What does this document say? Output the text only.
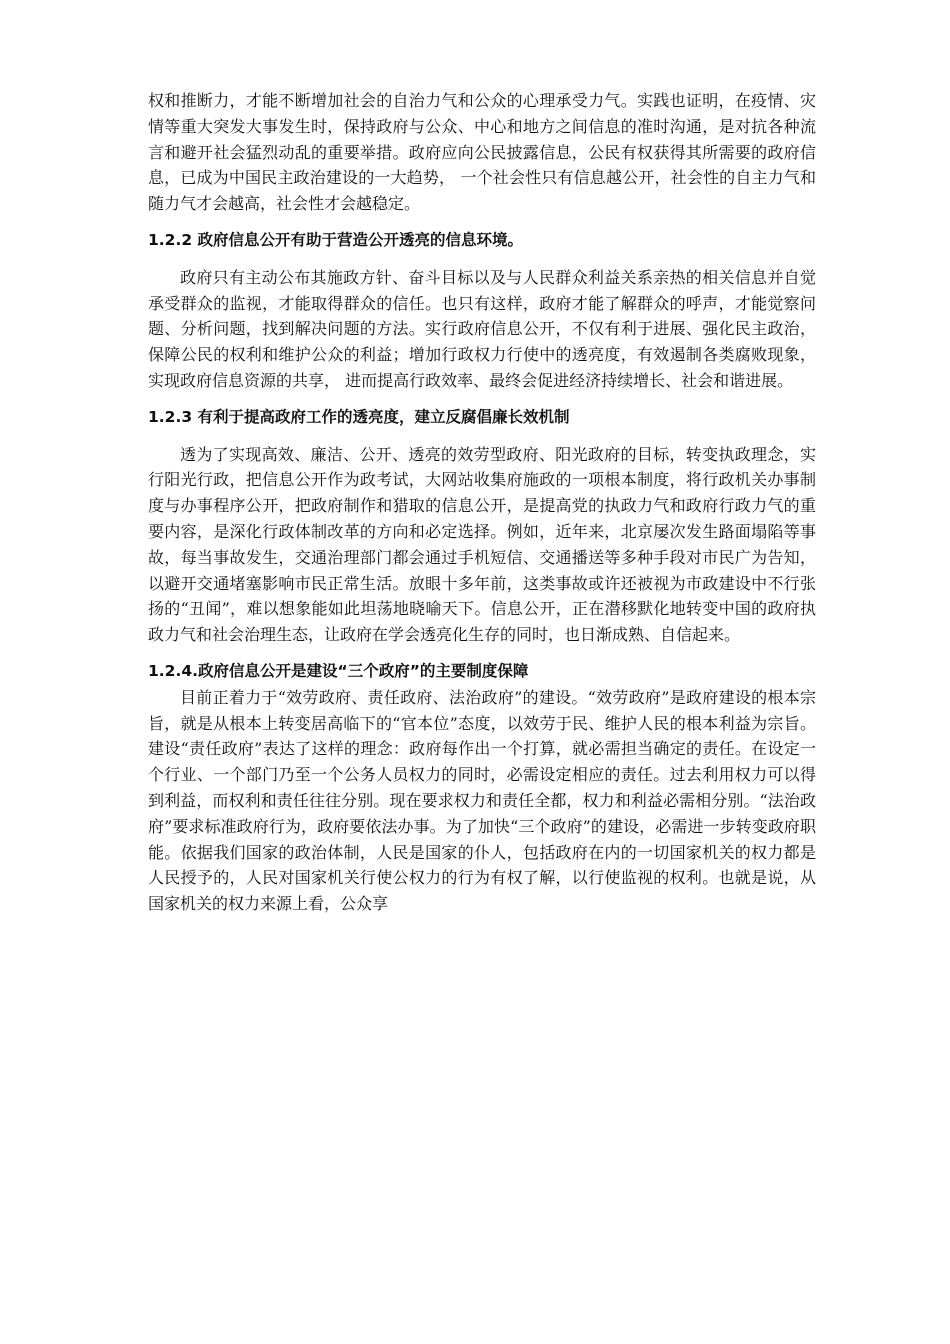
权和推断力，才能不断增加社会的自治力气和公众的心理承受力气。实践也证明，在疫情、灾情等重大突发大事发生时，保持政府与公众、中心和地方之间信息的准时沟通，是对抗各种流言和避开社会猛烈动乱的重要举措。政府应向公民披露信息，公民有权获得其所需要的政府信息，已成为中国民主政治建设的一大趋势， 一个社会性只有信息越公开，社会性的自主力气和随力气才会越高，社会性才会越稳定。

1.2.2 政府信息公开有助于营造公开透亮的信息环境。

政府只有主动公布其施政方针、奋斗目标以及与人民群众利益关系亲热的相关信息并自觉承受群众的监视，才能取得群众的信任。也只有这样，政府才能了解群众的呼声，才能觉察问题、分析问题，找到解决问题的方法。实行政府信息公开，不仅有利于进展、强化民主政治，保障公民的权利和维护公众的利益；增加行政权力行使中的透亮度，有效遏制各类腐败现象，实现政府信息资源的共享， 进而提高行政效率、最终会促进经济持续增长、社会和谐进展。

1.2.3 有利于提高政府工作的透亮度，建立反腐倡廉长效机制

透为了实现高效、廉洁、公开、透亮的效劳型政府、阳光政府的目标，转变执政理念，实行阳光行政，把信息公开作为政考试，大网站收集府施政的一项根本制度，将行政机关办事制度与办事程序公开，把政府制作和猎取的信息公开，是提高党的执政力气和政府行政力气的重要内容，是深化行政体制改革的方向和必定选择。例如，近年来，北京屡次发生路面塌陷等事故，每当事故发生，交通治理部门都会通过手机短信、交通播送等多种手段对市民广为告知，以避开交通堵塞影响市民正常生活。放眼十多年前，这类事故或许还被视为市政建设中不行张扬的“丑闻”，难以想象能如此坦荡地晓喻天下。信息公开，正在潜移默化地转变中国的政府执政力气和社会治理生态，让政府在学会透亮化生存的同时，也日渐成熟、自信起来。

1.2.4.政府信息公开是建设“三个政府”的主要制度保障

目前正着力于“效劳政府、责任政府、法治政府”的建设。“效劳政府”是政府建设的根本宗旨，就是从根本上转变居高临下的“官本位”态度，以效劳于民、维护人民的根本利益为宗旨。建设“责任政府”表达了这样的理念：政府每作出一个打算，就必需担当确定的责任。在设定一个行业、一个部门乃至一个公务人员权力的同时，必需设定相应的责任。过去利用权力可以得到利益，而权利和责任往往分别。现在要求权力和责任全都，权力和利益必需相分别。“法治政府”要求标准政府行为，政府要依法办事。为了加快“三个政府”的建设，必需进一步转变政府职能。依据我们国家的政治体制，人民是国家的仆人，包括政府在内的一切国家机关的权力都是人民授予的，人民对国家机关行使公权力的行为有权了解，以行使监视的权利。也就是说，从国家机关的权力来源上看，公众享
